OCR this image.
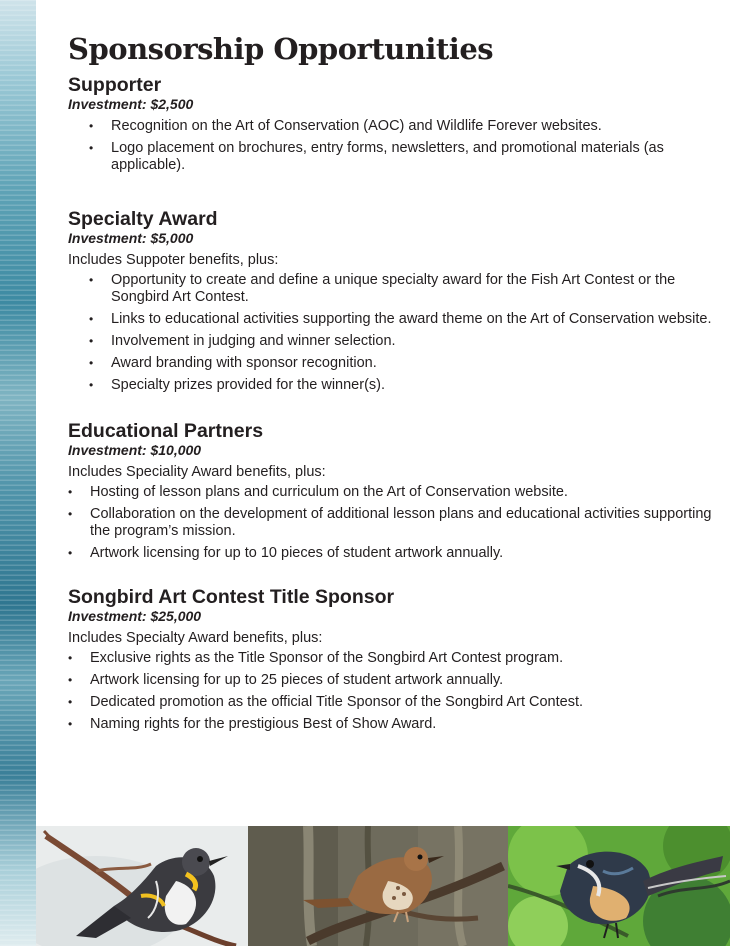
Sponsorship Opportunities
Supporter
Investment: $2,500
• Recognition on the Art of Conservation (AOC) and Wildlife Forever websites.
• Logo placement on brochures, entry forms, newsletters, and promotional materials (as applicable).
Specialty Award
Investment: $5,000
Includes Suppoter benefits, plus:
• Opportunity to create and define a unique specialty award for the Fish Art Contest or the Songbird Art Contest.
• Links to educational activities supporting the award theme on the Art of Conservation website.
• Involvement in judging and winner selection.
• Award branding with sponsor recognition.
• Specialty prizes provided for the winner(s).
Educational Partners
Investment: $10,000
Includes Speciality Award benefits, plus:
• Hosting of lesson plans and curriculum on the Art of Conservation website.
• Collaboration on the development of additional lesson plans and educational activities supporting the program’s mission.
• Artwork licensing for up to 10 pieces of student artwork annually.
Songbird Art Contest Title Sponsor
Investment: $25,000
Includes Specialty Award benefits, plus:
• Exclusive rights as the Title Sponsor of the Songbird Art Contest program.
• Artwork licensing for up to 25 pieces of student artwork annually.
• Dedicated promotion as the official Title Sponsor of the Songbird Art Contest.
• Naming rights for the prestigious Best of Show Award.
